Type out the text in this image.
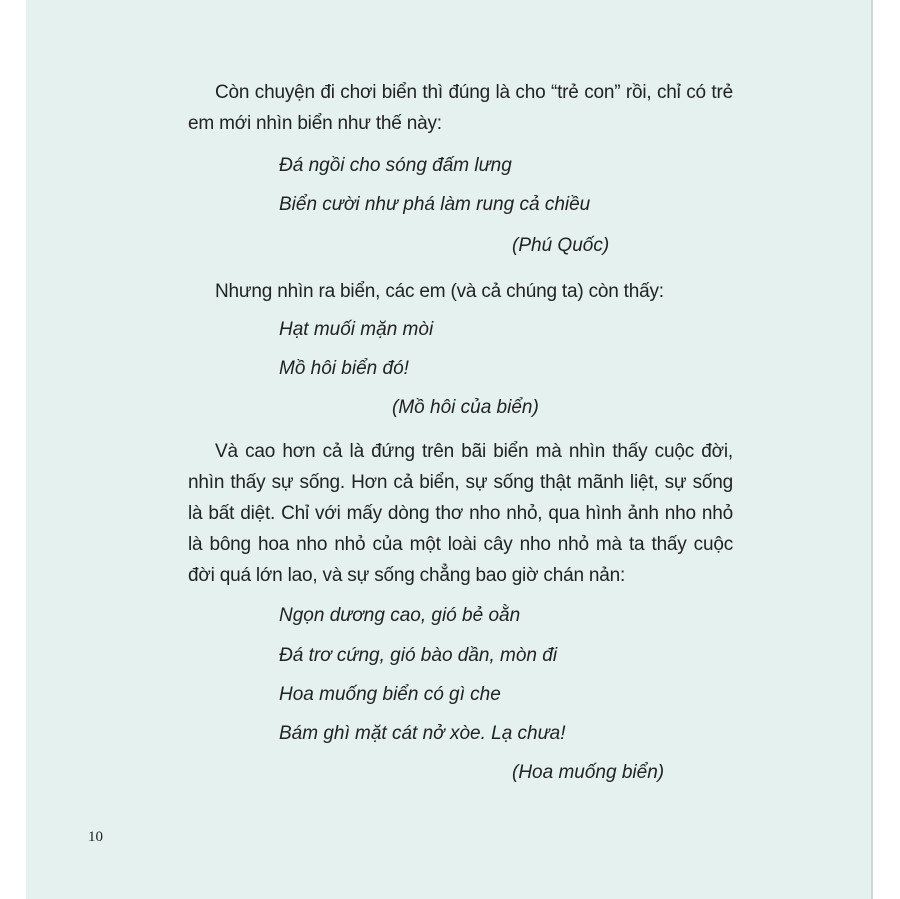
Còn chuyện đi chơi biển thì đúng là cho “trẻ con” rồi, chỉ có trẻ em mới nhìn biển như thế này:

Đá ngồi cho sóng đấm lưng

Biển cười như phá làm rung cả chiều

(Phú Quốc)

Nhưng nhìn ra biển, các em (và cả chúng ta) còn thấy:

Hạt muối mặn mòi

Mồ hôi biển đó!

(Mồ hôi của biển)

Và cao hơn cả là đứng trên bãi biển mà nhìn thấy cuộc đời, nhìn thấy sự sống. Hơn cả biển, sự sống thật mãnh liệt, sự sống là bất diệt. Chỉ với mấy dòng thơ nho nhỏ, qua hình ảnh nho nhỏ là bông hoa nho nhỏ của một loài cây nho nhỏ mà ta thấy cuộc đời quá lớn lao, và sự sống chẳng bao giờ chán nản:

Ngọn dương cao, gió bẻ oằn

Đá trơ cứng, gió bào dần, mòn đi

Hoa muống biển có gì che

Bám ghì mặt cát nở xòe. Lạ chưa!

(Hoa muống biển)

10
